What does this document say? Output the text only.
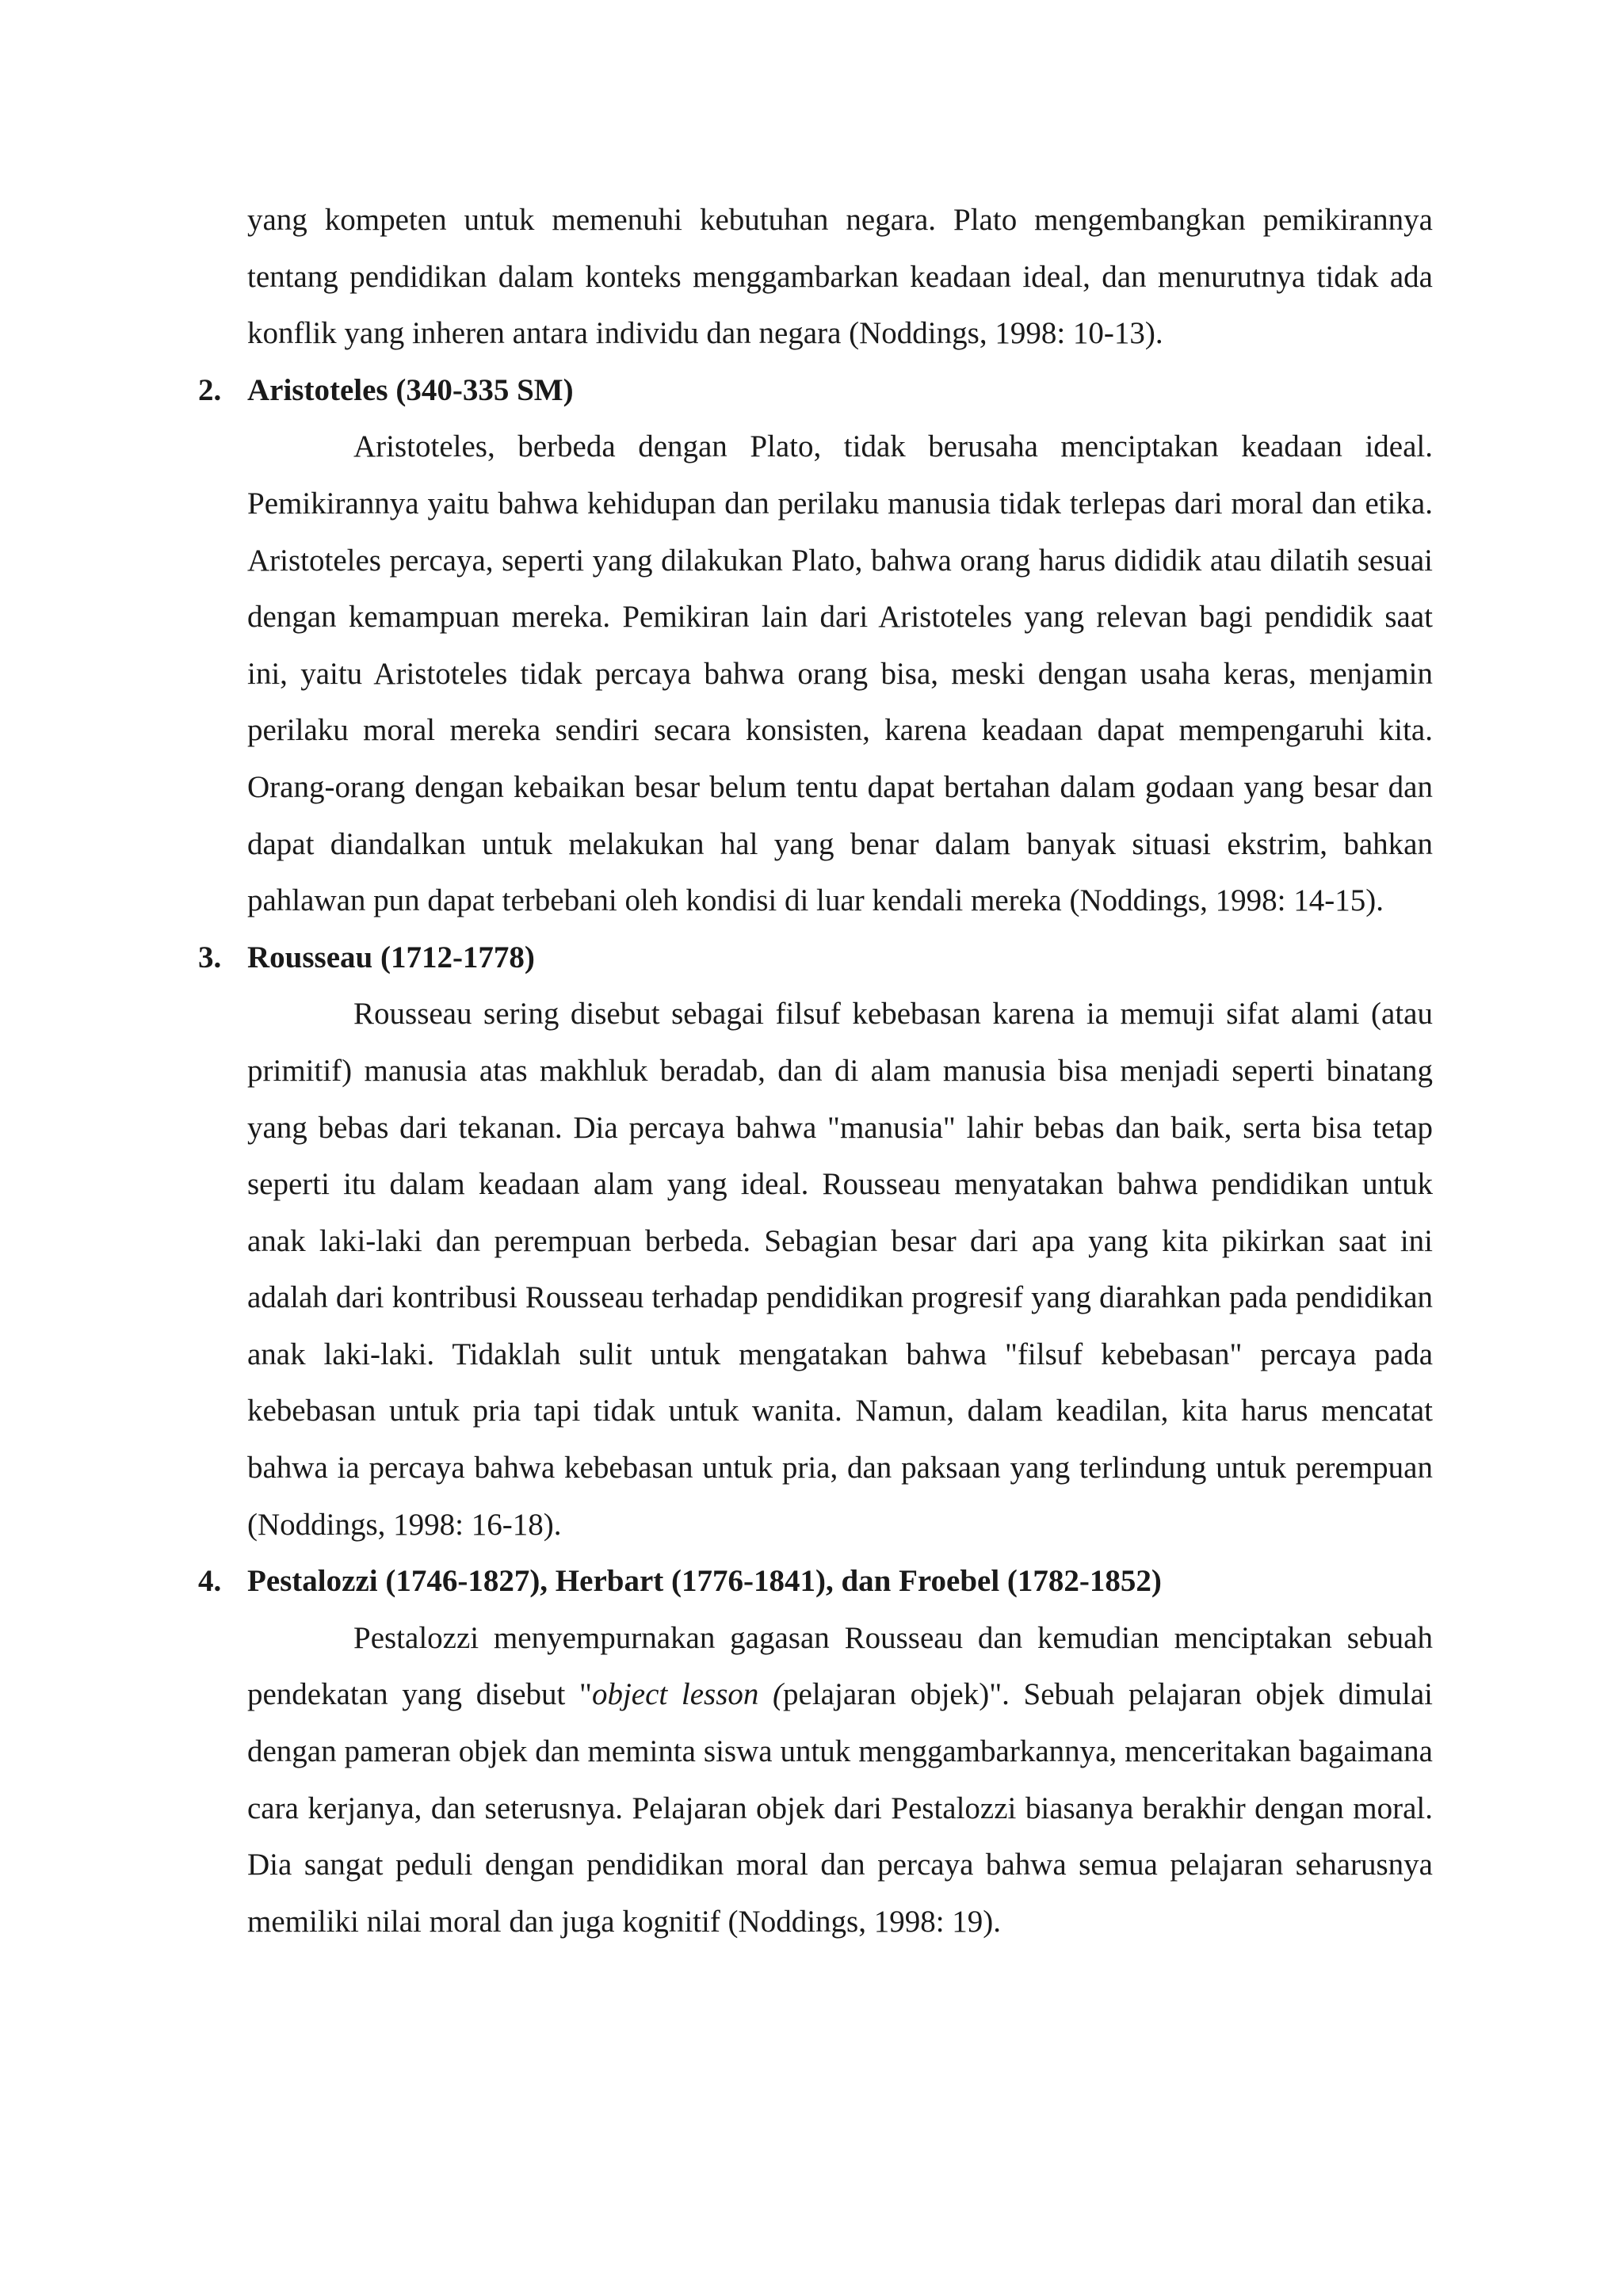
yang kompeten untuk memenuhi kebutuhan negara. Plato mengembangkan pemikirannya tentang pendidikan dalam konteks menggambarkan keadaan ideal, dan menurutnya tidak ada konflik yang inheren antara individu dan negara (Noddings, 1998: 10-13).

2. Aristoteles (340-335 SM)

Aristoteles, berbeda dengan Plato, tidak berusaha menciptakan keadaan ideal. Pemikirannya yaitu bahwa kehidupan dan perilaku manusia tidak terlepas dari moral dan etika. Aristoteles percaya, seperti yang dilakukan Plato, bahwa orang harus dididik atau dilatih sesuai dengan kemampuan mereka. Pemikiran lain dari Aristoteles yang relevan bagi pendidik saat ini, yaitu Aristoteles tidak percaya bahwa orang bisa, meski dengan usaha keras, menjamin perilaku moral mereka sendiri secara konsisten, karena keadaan dapat mempengaruhi kita. Orang-orang dengan kebaikan besar belum tentu dapat bertahan dalam godaan yang besar dan dapat diandalkan untuk melakukan hal yang benar dalam banyak situasi ekstrim, bahkan pahlawan pun dapat terbebani oleh kondisi di luar kendali mereka (Noddings, 1998: 14-15).

3. Rousseau (1712-1778)

Rousseau sering disebut sebagai filsuf kebebasan karena ia memuji sifat alami (atau primitif) manusia atas makhluk beradab, dan di alam manusia bisa menjadi seperti binatang yang bebas dari tekanan. Dia percaya bahwa "manusia" lahir bebas dan baik, serta bisa tetap seperti itu dalam keadaan alam yang ideal. Rousseau menyatakan bahwa pendidikan untuk anak laki-laki dan perempuan berbeda. Sebagian besar dari apa yang kita pikirkan saat ini adalah dari kontribusi Rousseau terhadap pendidikan progresif yang diarahkan pada pendidikan anak laki-laki. Tidaklah sulit untuk mengatakan bahwa "filsuf kebebasan" percaya pada kebebasan untuk pria tapi tidak untuk wanita. Namun, dalam keadilan, kita harus mencatat bahwa ia percaya bahwa kebebasan untuk pria, dan paksaan yang terlindung untuk perempuan (Noddings, 1998: 16-18).

4. Pestalozzi (1746-1827), Herbart (1776-1841), dan Froebel (1782-1852)

Pestalozzi menyempurnakan gagasan Rousseau dan kemudian menciptakan sebuah pendekatan yang disebut "object lesson (pelajaran objek)". Sebuah pelajaran objek dimulai dengan pameran objek dan meminta siswa untuk menggambarkannya, menceritakan bagaimana cara kerjanya, dan seterusnya. Pelajaran objek dari Pestalozzi biasanya berakhir dengan moral. Dia sangat peduli dengan pendidikan moral dan percaya bahwa semua pelajaran seharusnya memiliki nilai moral dan juga kognitif (Noddings, 1998: 19).
